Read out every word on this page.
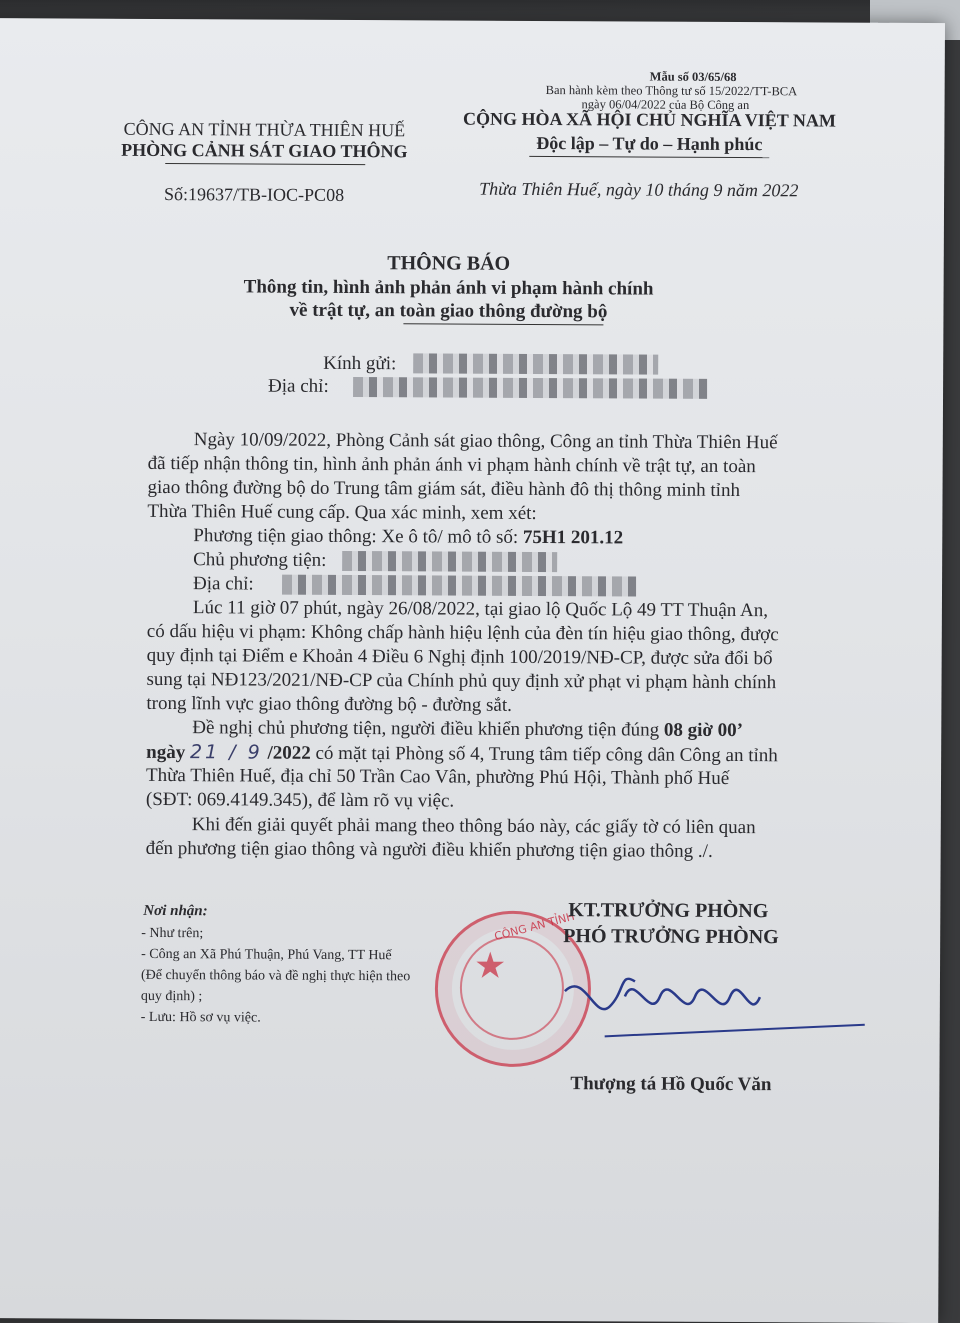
Mẫu số 03/65/68
Ban hành kèm theo Thông tư số 15/2022/TT-BCA
ngày 06/04/2022 của Bộ Công an
CÔNG AN TỈNH THỪA THIÊN HUẾ
PHÒNG CẢNH SÁT GIAO THÔNG
Số:19637/TB-IOC-PC08
CỘNG HÒA XÃ HỘI CHỦ NGHĨA VIỆT NAM
Độc lập – Tự do – Hạnh phúc
Thừa Thiên Huế, ngày 10 tháng 9 năm 2022
THÔNG BÁO
Thông tin, hình ảnh phản ánh vi phạm hành chính
về trật tự, an toàn giao thông đường bộ
Kính gửi:
Địa chỉ:
Ngày 10/09/2022, Phòng Cảnh sát giao thông, Công an tỉnh Thừa Thiên Huế
đã tiếp nhận thông tin, hình ảnh phản ánh vi phạm hành chính về trật tự, an toàn
giao thông đường bộ do Trung tâm giám sát, điều hành đô thị thông minh tỉnh
Thừa Thiên Huế cung cấp. Qua xác minh, xem xét:
Phương tiện giao thông: Xe ô tô/ mô tô số: 75H1 201.12
Chủ phương tiện:
Địa chỉ:
Lúc 11 giờ 07 phút, ngày 26/08/2022, tại giao lộ Quốc Lộ 49 TT Thuận An,
có dấu hiệu vi phạm: Không chấp hành hiệu lệnh của đèn tín hiệu giao thông, được
quy định tại Điểm e Khoản 4 Điều 6 Nghị định 100/2019/NĐ-CP, được sửa đổi bổ
sung tại NĐ123/2021/NĐ-CP của Chính phủ quy định xử phạt vi phạm hành chính
trong lĩnh vực giao thông đường bộ - đường sắt.
Đề nghị chủ phương tiện, người điều khiển phương tiện đúng 08 giờ 00’
ngày 21 / 9 /2022 có mặt tại Phòng số 4, Trung tâm tiếp công dân Công an tỉnh
Thừa Thiên Huế, địa chỉ 50 Trần Cao Vân, phường Phú Hội, Thành phố Huế
(SĐT: 069.4149.345), để làm rõ vụ việc.
Khi đến giải quyết phải mang theo thông báo này, các giấy tờ có liên quan
đến phương tiện giao thông và người điều khiển phương tiện giao thông ./.
Nơi nhận:
- Như trên;
- Công an Xã Phú Thuận, Phú Vang, TT Huế
(Để chuyển thông báo và đề nghị thực hiện theo
quy định) ;
- Lưu: Hồ sơ vụ việc.
★
CÔNG AN TỈNH
KT.TRƯỞNG PHÒNG
PHÓ TRƯỞNG PHÒNG
Thượng tá Hồ Quốc Văn
